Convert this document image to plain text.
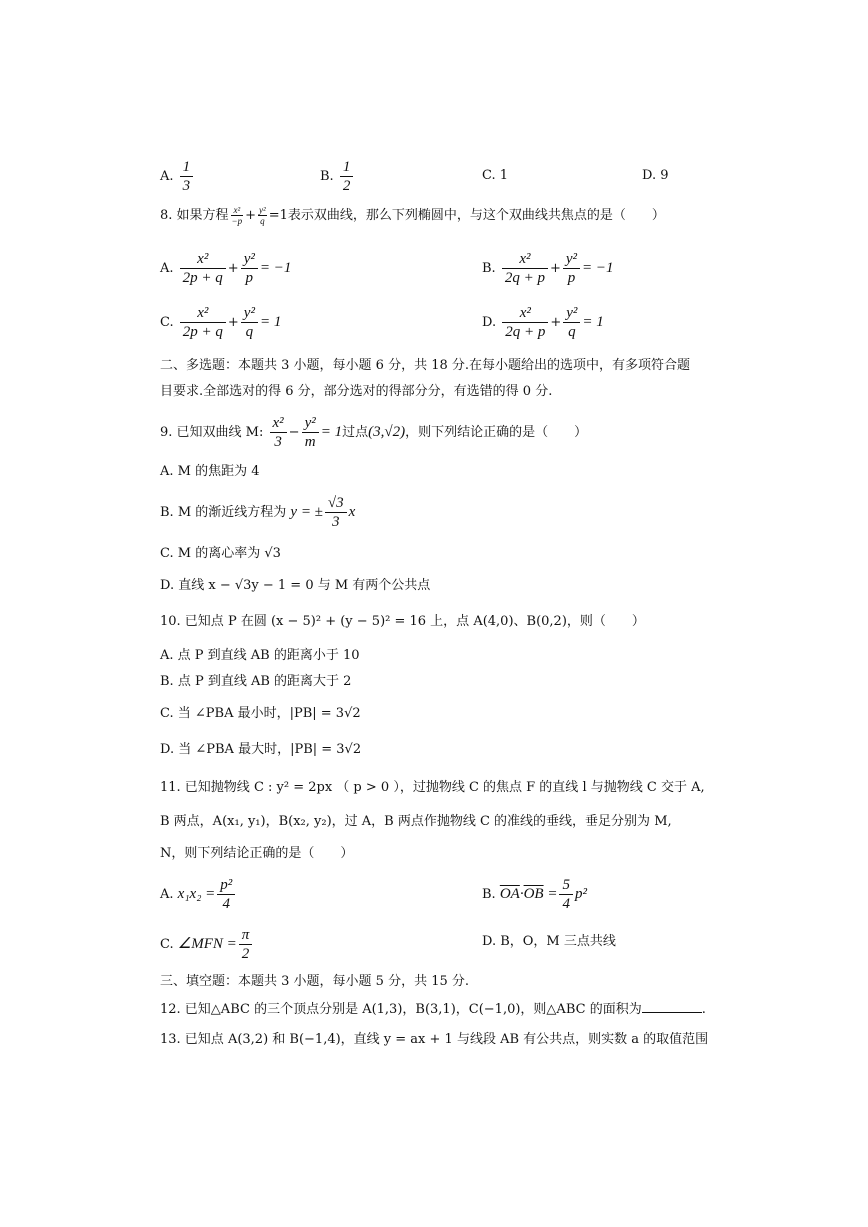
A. $\frac{1}{3}$	B. $\frac{1}{2}$	C. 1	D. 9
8. 如果方程 $\frac{\text{x²}}{-p} + \frac{\text{y²}}{q} =1$表示双曲线，那么下列椭圆中，与这个双曲线共焦点的是（　　）
A. $\frac{\text{x²}}{2p + q} + \frac{\text{y²}}{p} = -1$	B. $\frac{\text{x²}}{2q + p} + \frac{\text{y²}}{p} = -1$
C. $\frac{\text{x²}}{2p + q} + \frac{\text{y²}}{q} = 1$	D. $\frac{\text{x²}}{2q + p} + \frac{\text{y²}}{q} = 1$
二、多选题：本题共 3 小题，每小题 6 分，共 18 分.在每小题给出的选项中，有多项符合题
目要求.全部选对的得 6 分，部分选对的得部分分，有选错的得 0 分.
9. 已知双曲线 M: $\frac{\text{x²}}{3} - \frac{\text{y²}}{m} = 1$过点(3,√2)，则下列结论正确的是（　　）
A. M 的焦距为 4
B. M 的渐近线方程为 y = ± $\frac{√3}{3}$ x
C. M 的离心率为 √3
D. 直线 x − √3y − 1 = 0 与 M 有两个公共点
10. 已知点 P 在圆 (x − 5)² + (y − 5)² = 16 上，点 A(4,0)、B(0,2)，则（　　）
A. 点 P 到直线 AB 的距离小于 10
B. 点 P 到直线 AB 的距离大于 2
C. 当 ∠PBA 最小时，|PB| = 3√2
D. 当 ∠PBA 最大时，|PB| = 3√2
11. 已知抛物线 C : y² = 2px （ p > 0 ），过抛物线 C 的焦点 F 的直线 l 与抛物线 C 交于 A,
B 两点，A(x₁, y₁)，B(x₂, y₂)，过 A，B 两点作抛物线 C 的准线的垂线，垂足分别为 M,
N，则下列结论正确的是（　　）
A. $x_1x_2 = \frac{\text{p²}}{4}$	B. $\overline{OA}\cdot\overline{OB} = \frac{5}{4} p^2$
C. ∠MFN = $\frac{\pi}{2}$	D. B，O，M 三点共线
三、填空题：本题共 3 小题，每小题 5 分，共 15 分.
12. 已知△ABC 的三个顶点分别是 A(1,3)，B(3,1)，C(−1,0)，则△ABC 的面积为	.
13. 已知点 A(3,2) 和 B(−1,4)，直线 y = ax + 1 与线段 AB 有公共点，则实数 a 的取值范围
